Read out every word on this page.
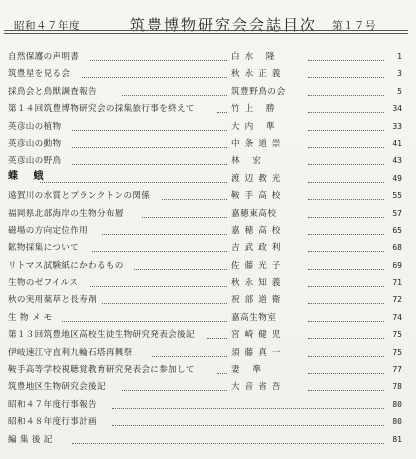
昭和４７年度	筑豊博物研究会会誌目次 第１７号
自然保護の声明書	白水 隆	1
筑豊星を見る会	秋永正義	3
採鳥会と鳥獣調査報告	筑豊野鳥の会	5
第１４回筑豊博物研究会の採集旅行事を終えて	竹上 勝	34
英彦山の植物	大内 準	33
英彦山の動物	中条道崇	41
英彦山の野鳥	林 宏	43
蝶 蛾	渡辺教光	49
遠賀川の水質とプランクトンの関係	鞍手高校	55
福岡県北部海岸の生物分布層	嘉穂東高校	57
磁場の方向定位作用	嘉穂高校	65
鉱物採集について	吉武政利	68
リトマス試験紙にかわるもの	佐藤光子	69
生物のゼフイルス	秋永知義	71
秋の実用薬草と長寿剤	祝部道衛	72
生 物 メ モ	嘉高生物室	74
第１３回筑豊地区高校生徒生物研究発表会後記	宮崎健児	75
伊岐速江守直利九輪石塔再興祭	須藤真一	75
鞍手高等学校視聴覚教育研究発表会に参加して	妻 準	77
筑豊地区生物研究会後記	大音省吾	78
昭和４７年度行事報告	80
昭和４８年度行事計画	80
編 集 後 記	81
